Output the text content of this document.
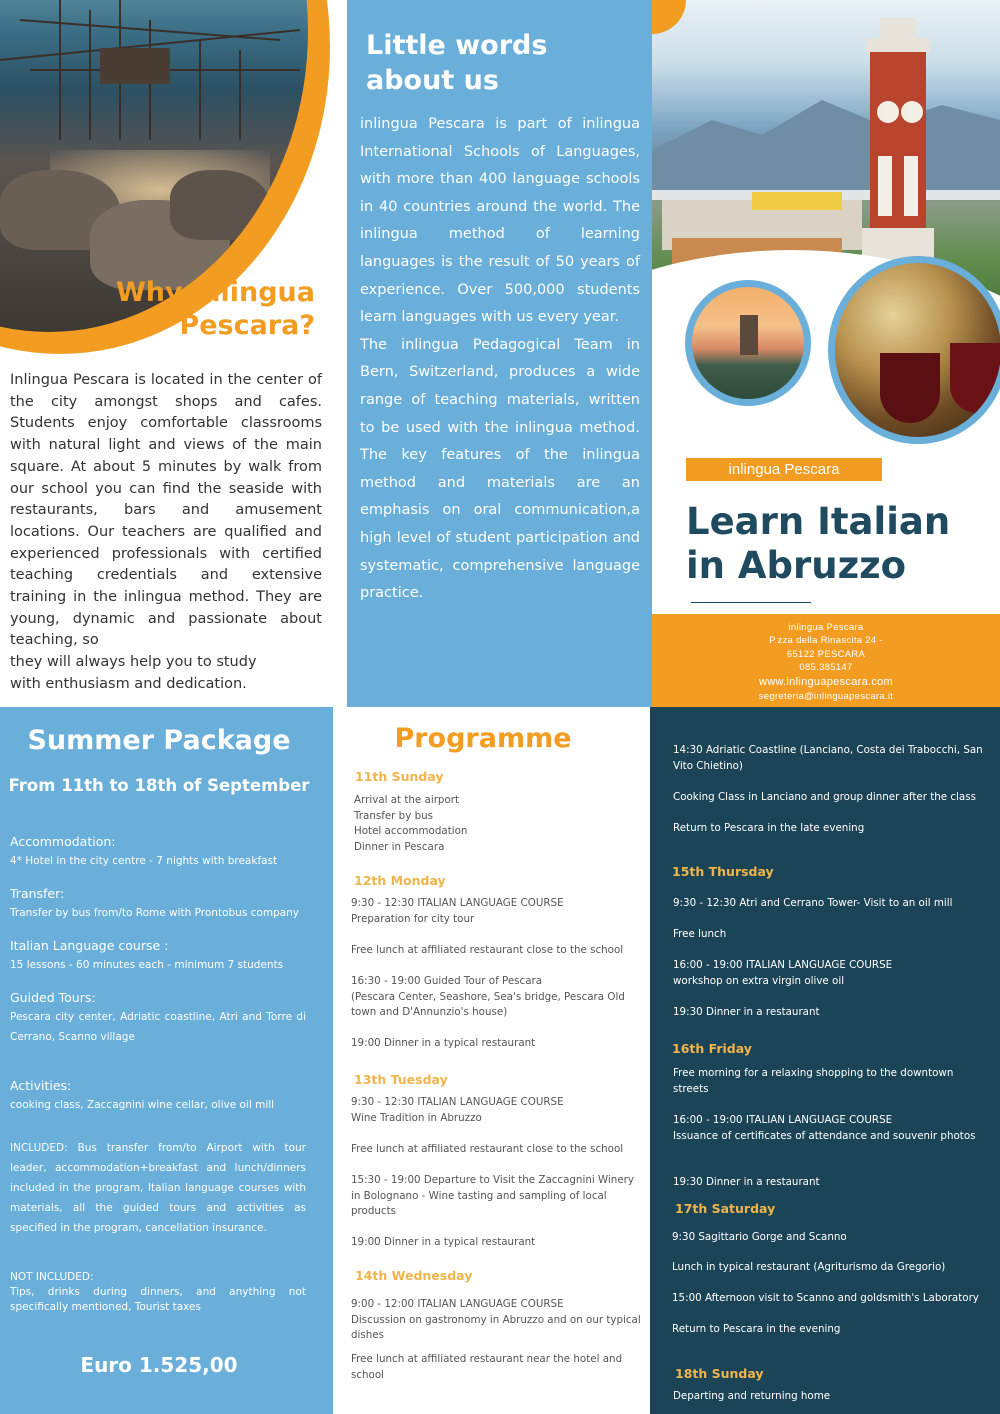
Why inlingua
Pescara?

Inlingua Pescara is located in the center of the city amongst shops and cafes. Students enjoy comfortable classrooms with natural light and views of the main square. At about 5 minutes by walk from our school you can find the seaside with restaurants, bars and amusement locations. Our teachers are qualified and experienced professionals with certified teaching credentials and extensive training in the inlingua method. They are young, dynamic and passionate about teaching, so
they will always help you to study
with enthusiasm and dedication.

Little words
about us

inlingua Pescara is part of inlingua International Schools of Languages, with more than 400 language schools in 40 countries around the world. The inlingua method of learning languages is the result of 50 years of experience. Over 500,000 students learn languages with us every year.

The inlingua Pedagogical Team in Bern, Switzerland, produces a wide range of teaching materials, written to be used with the inlingua method. The key features of the inlingua method and materials are an emphasis on oral communication,a high level of student participation and systematic, comprehensive language practice.

inlingua Pescara
Learn Italian
in Abruzzo
inlingua Pescara
P.zza della Rinascita 24 -
65122 PESCARA
085.385147
www.inlinguapescara.com
segreteria@inlinguapescara.it
Summer Package
From 11th to 18th of September
Accommodation:
4* Hotel in the city centre - 7 nights with breakfast
Transfer:
Transfer by bus from/to Rome with Prontobus company
Italian Language course :
15 lessons - 60 minutes each - minimum 7 students
Guided Tours:
Pescara city center, Adriatic coastline, Atri and Torre di Cerrano, Scanno village
Activities:
cooking class, Zaccagnini wine cellar, olive oil mill
INCLUDED: Bus transfer from/to Airport with tour leader, accommodation+breakfast and lunch/dinners included in the program, Italian language courses with materials, all the guided tours and activities as specified in the program, cancellation insurance.
NOT INCLUDED:
Tips, drinks during dinners, and anything not specifically mentioned, Tourist taxes
Euro 1.525,00
Programme
11th Sunday
Arrival at the airport
Transfer by bus
Hotel accommodation
Dinner in Pescara
12th Monday
9:30 - 12:30 ITALIAN LANGUAGE COURSE
Preparation for city tour
Free lunch at affiliated restaurant close to the school
16:30 - 19:00 Guided Tour of Pescara
(Pescara Center, Seashore, Sea's bridge, Pescara Old town and D'Annunzio's house)
19:00 Dinner in a typical restaurant
13th Tuesday
9:30 - 12:30 ITALIAN LANGUAGE COURSE
Wine Tradition in Abruzzo
Free lunch at affiliated restaurant close to the school
15:30 - 19:00 Departure to Visit the Zaccagnini Winery in Bolognano - Wine tasting and sampling of local products
19:00 Dinner in a typical restaurant
14th Wednesday
9:00 - 12:00 ITALIAN LANGUAGE COURSE
Discussion on gastronomy in Abruzzo and on our typical dishes
Free lunch at affiliated restaurant near the hotel and school
14:30 Adriatic Coastline (Lanciano, Costa dei Trabocchi, San Vito Chietino)
Cooking Class in Lanciano and group dinner after the class
Return to Pescara in the late evening
15th Thursday
9:30 - 12:30 Atri and Cerrano Tower- Visit to an oil mill
Free lunch
16:00 - 19:00 ITALIAN LANGUAGE COURSE
workshop on extra virgin olive oil
19:30 Dinner in a restaurant
16th Friday
Free morning for a relaxing shopping to the downtown streets
16:00 - 19:00 ITALIAN LANGUAGE COURSE
Issuance of certificates of attendance and souvenir photos
19:30 Dinner in a restaurant
17th Saturday
9:30 Sagittario Gorge and Scanno
Lunch in typical restaurant (Agriturismo da Gregorio)
15:00 Afternoon visit to Scanno and goldsmith's Laboratory
Return to Pescara in the evening
18th Sunday
Departing and returning home
